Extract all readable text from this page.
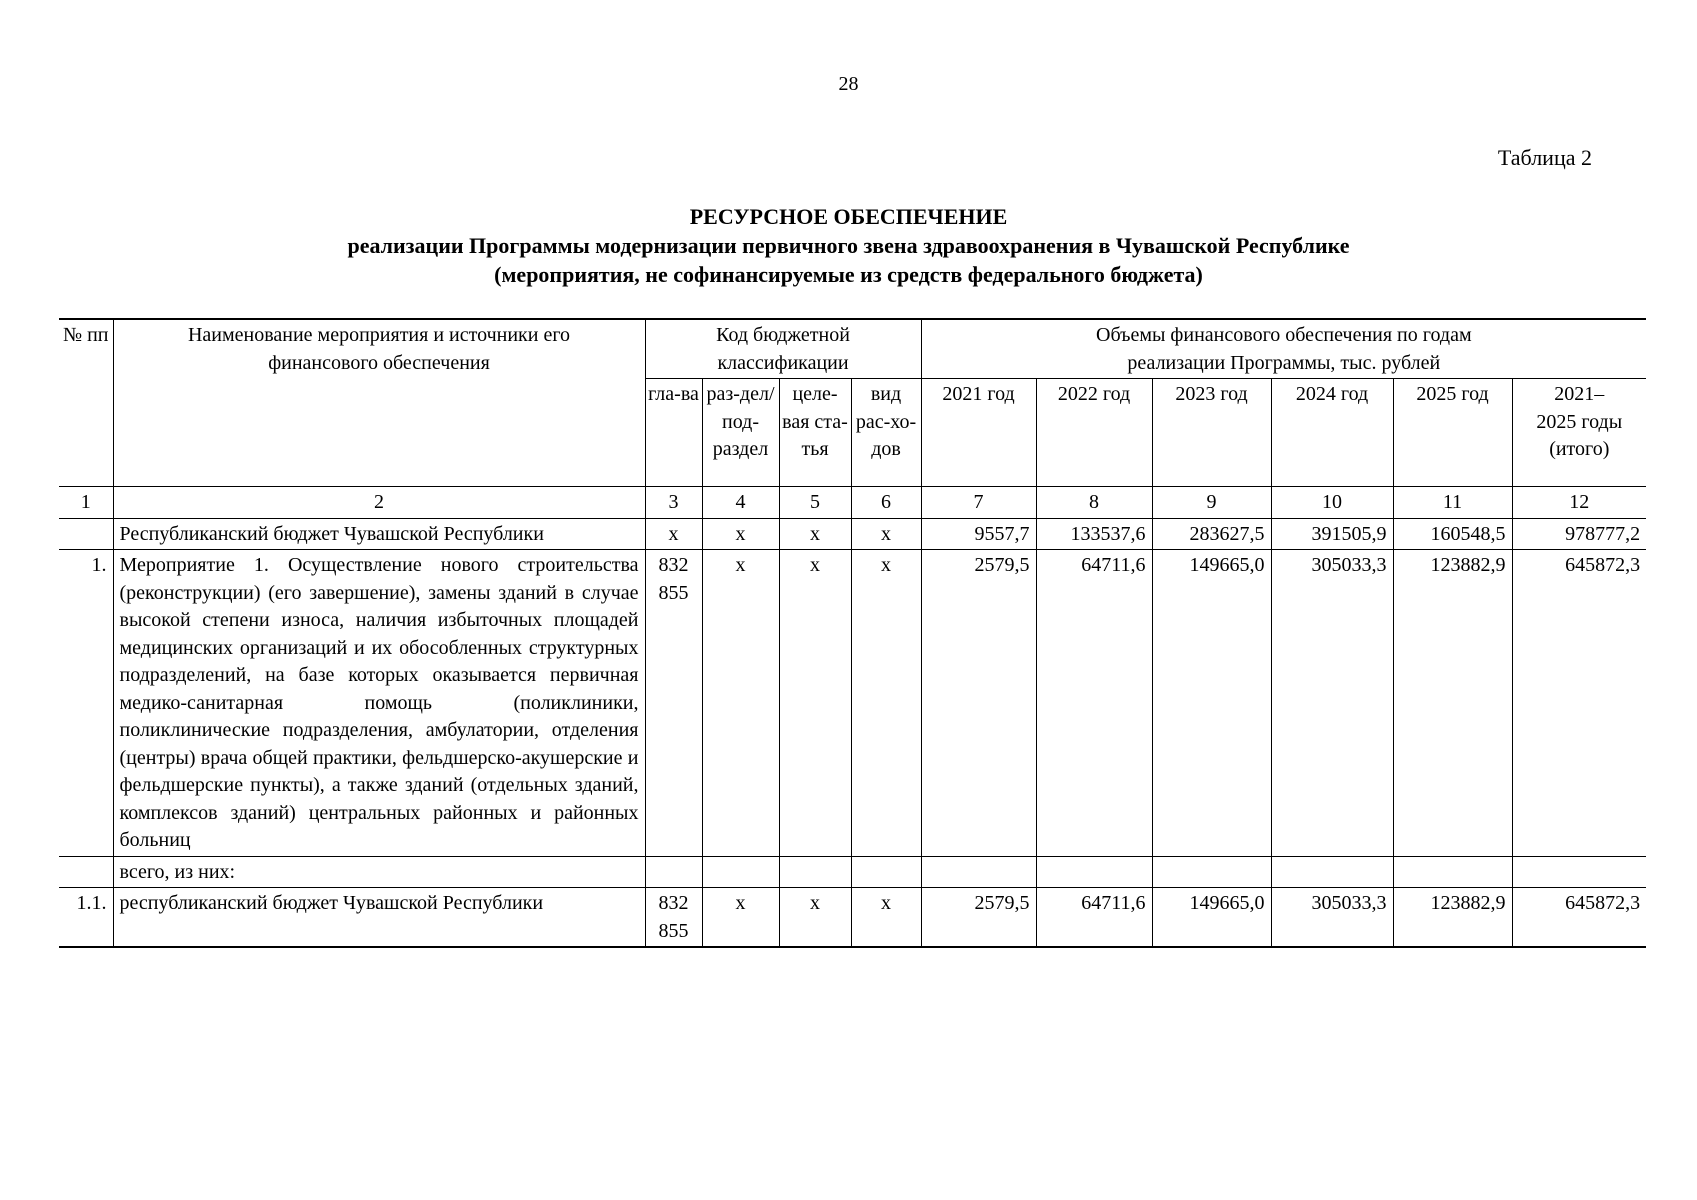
28
Таблица 2
РЕСУРСНОЕ ОБЕСПЕЧЕНИЕ
реализации Программы модернизации первичного звена здравоохранения в Чувашской Республике
(мероприятия, не софинансируемые из средств федерального бюджета)
№ пп	Наименование мероприятия и источники его финансового обеспечения	Код бюджетной классификации				Объемы финансового обеспечения по годам реализации Программы, тыс. рублей					
		гла-ва	раз-дел/ под-раздел	целе-вая ста-тья	вид рас-хо-дов	2021 год	2022 год	2023 год	2024 год	2025 год	2021– 2025 годы (итого)
1	2	3	4	5	6	7	8	9	10	11	12
	Республиканский бюджет Чувашской Республики	x	x	x	x	9557,7	133537,6	283627,5	391505,9	160548,5	978777,2
1.	Мероприятие 1. Осуществление нового строительства (реконструкции) (его завершение), замены зданий в случае высокой степени износа, наличия избыточных площадей медицинских организаций и их обособленных структурных подразделений, на базе которых оказывается первичная медико-санитарная помощь (поликлиники, поликлинические подразделения, амбулатории, отделения (центры) врача общей практики, фельдшерско-акушерские и фельдшерские пункты), а также зданий (отдельных зданий, комплексов зданий) центральных районных и районных больниц	832 855	x	x	x	2579,5	64711,6	149665,0	305033,3	123882,9	645872,3
	всего, из них:										
1.1.	республиканский бюджет Чувашской Республики	832 855	x	x	x	2579,5	64711,6	149665,0	305033,3	123882,9	645872,3
